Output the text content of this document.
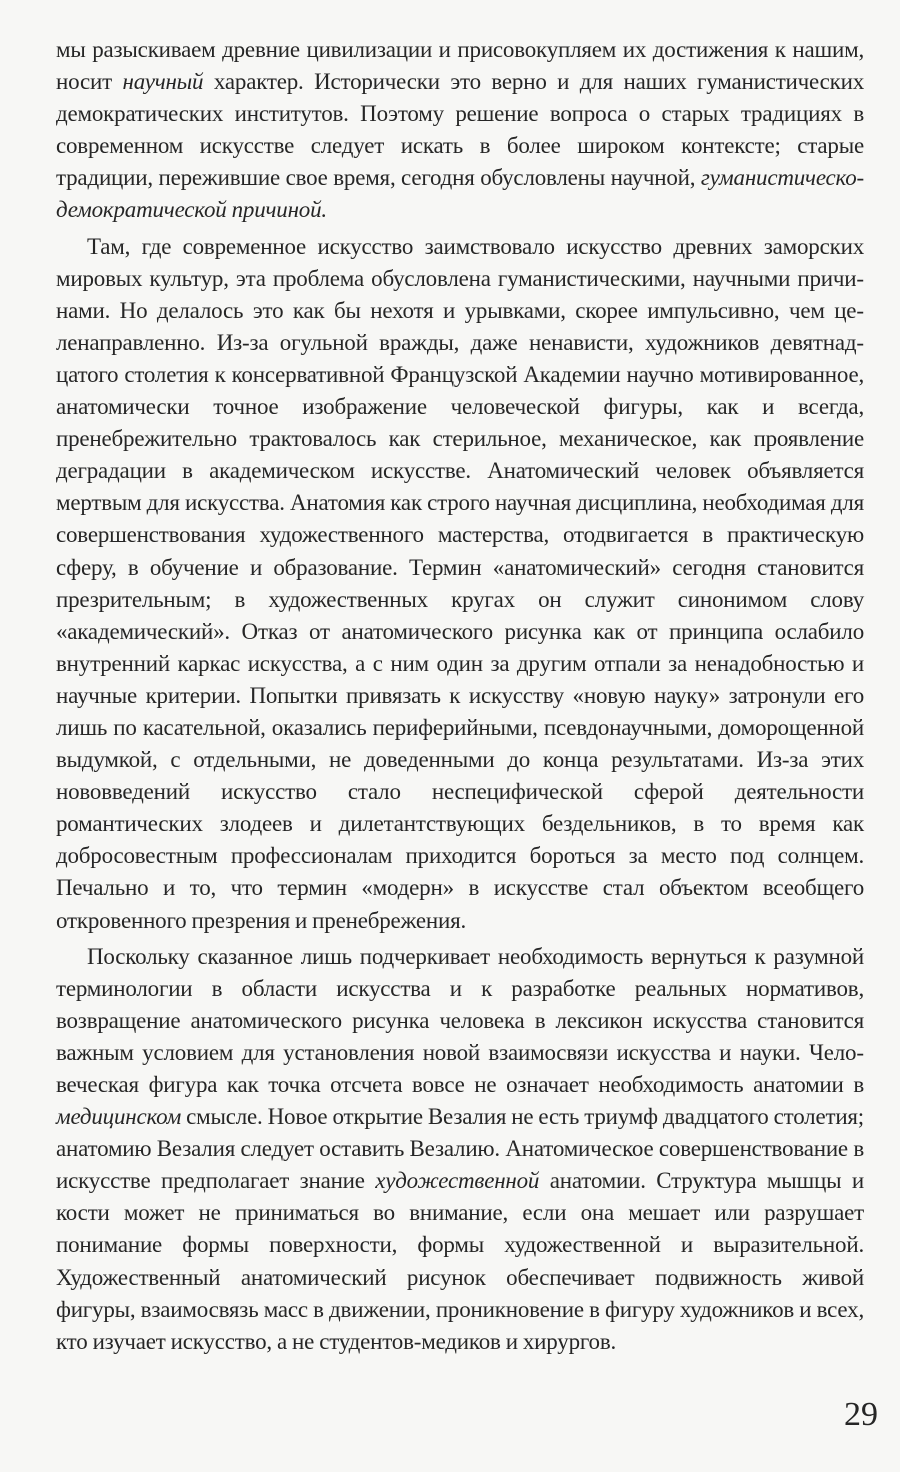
мы разыскиваем древние цивилизации и присовокупляем их достижения к нашим, носит научный характер. Исторически это верно и для наших гуманистических демократических институтов. Поэтому решение вопроса о старых традициях в современном искусстве следует искать в более широком контексте; старые традиции, пережившие свое время, сегодня обусловлены научной, гуманистическо-демократической причиной.

Там, где современное искусство заимствовало искусство древних заморских мировых культур, эта проблема обусловлена гуманистическими, научными причинами. Но делалось это как бы нехотя и урывками, скорее импульсивно, чем целенаправленно. Из-за огульной вражды, даже ненависти, художников девятнадцатого столетия к консервативной Французской Академии научно мотивированное, анатомически точное изображение человеческой фигуры, как и всегда, пренебрежительно трактовалось как стерильное, механическое, как проявление деградации в академическом искусстве. Анатомический человек объявляется мертвым для искусства. Анатомия как строго научная дисциплина, необходимая для совершенствования художественного мастерства, отодвигается в практическую сферу, в обучение и образование. Термин «анатомический» сегодня становится презрительным; в художественных кругах он служит синонимом слову «академический». Отказ от анатомического рисунка как от принципа ослабило внутренний каркас искусства, а с ним один за другим отпали за ненадобностью и научные критерии. Попытки привязать к искусству «новую науку» затронули его лишь по касательной, оказались периферийными, псевдонаучными, доморощенной выдумкой, с отдельными, не доведенными до конца результатами. Из-за этих нововведений искусство стало неспецифической сферой деятельности романтических злодеев и дилетантствующих бездельников, в то время как добросовестным профессионалам приходится бороться за место под солнцем. Печально и то, что термин «модерн» в искусстве стал объектом всеобщего откровенного презрения и пренебрежения.

Поскольку сказанное лишь подчеркивает необходимость вернуться к разумной терминологии в области искусства и к разработке реальных нормативов, возвращение анатомического рисунка человека в лексикон искусства становится важным условием для установления новой взаимосвязи искусства и науки. Человеческая фигура как точка отсчета вовсе не означает необходимость анатомии в медицинском смысле. Новое открытие Везалия не есть триумф двадцатого столетия; анатомию Везалия следует оставить Везалию. Анатомическое совершенствование в искусстве предполагает знание художественной анатомии. Структура мышцы и кости может не приниматься во внимание, если она мешает или разрушает понимание формы поверхности, формы художественной и выразительной. Художественный анатомический рисунок обеспечивает подвижность живой фигуры, взаимосвязь масс в движении, проникновение в фигуру художников и всех, кто изучает искусство, а не студентов-медиков и хирургов.

29
